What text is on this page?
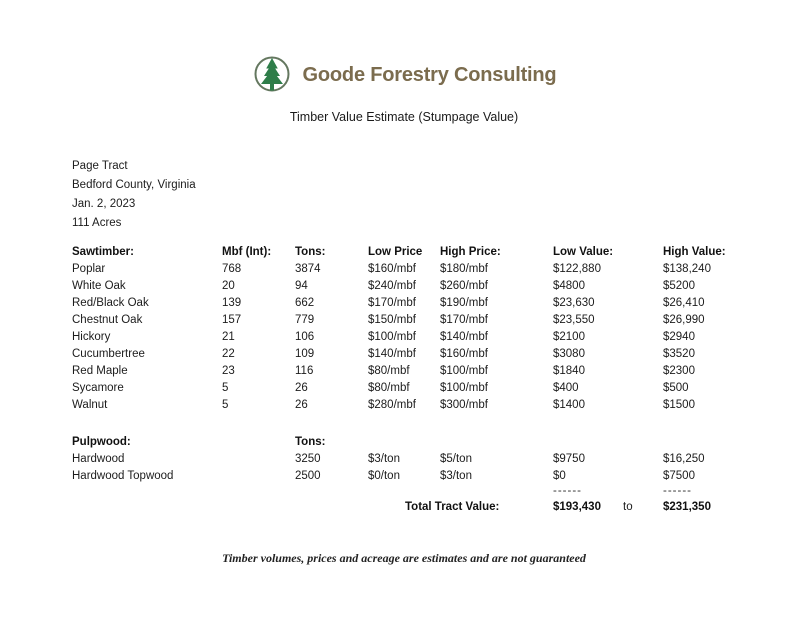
Goode Forestry Consulting
Timber Value Estimate (Stumpage Value)
Page Tract
Bedford County, Virginia
Jan. 2, 2023
111 Acres
Sawtimber:	Mbf (Int):	Tons:	Low Price	High Price:	Low Value:	High Value:
Poplar	768	3874	$160/mbf	$180/mbf	$122,880	$138,240
White Oak	20	94	$240/mbf	$260/mbf	$4800	$5200
Red/Black Oak	139	662	$170/mbf	$190/mbf	$23,630	$26,410
Chestnut Oak	157	779	$150/mbf	$170/mbf	$23,550	$26,990
Hickory	21	106	$100/mbf	$140/mbf	$2100	$2940
Cucumbertree	22	109	$140/mbf	$160/mbf	$3080	$3520
Red Maple	23	116	$80/mbf	$100/mbf	$1840	$2300
Sycamore	5	26	$80/mbf	$100/mbf	$400	$500
Walnut	5	26	$280/mbf	$300/mbf	$1400	$1500
Pulpwood:	Tons:
Hardwood	3250	$3/ton	$5/ton	$9750	$16,250
Hardwood Topwood	2500	$0/ton	$3/ton	$0	$7500
------	------
Total Tract Value:	$193,430 to	$231,350
Timber volumes, prices and acreage are estimates and are not guaranteed
